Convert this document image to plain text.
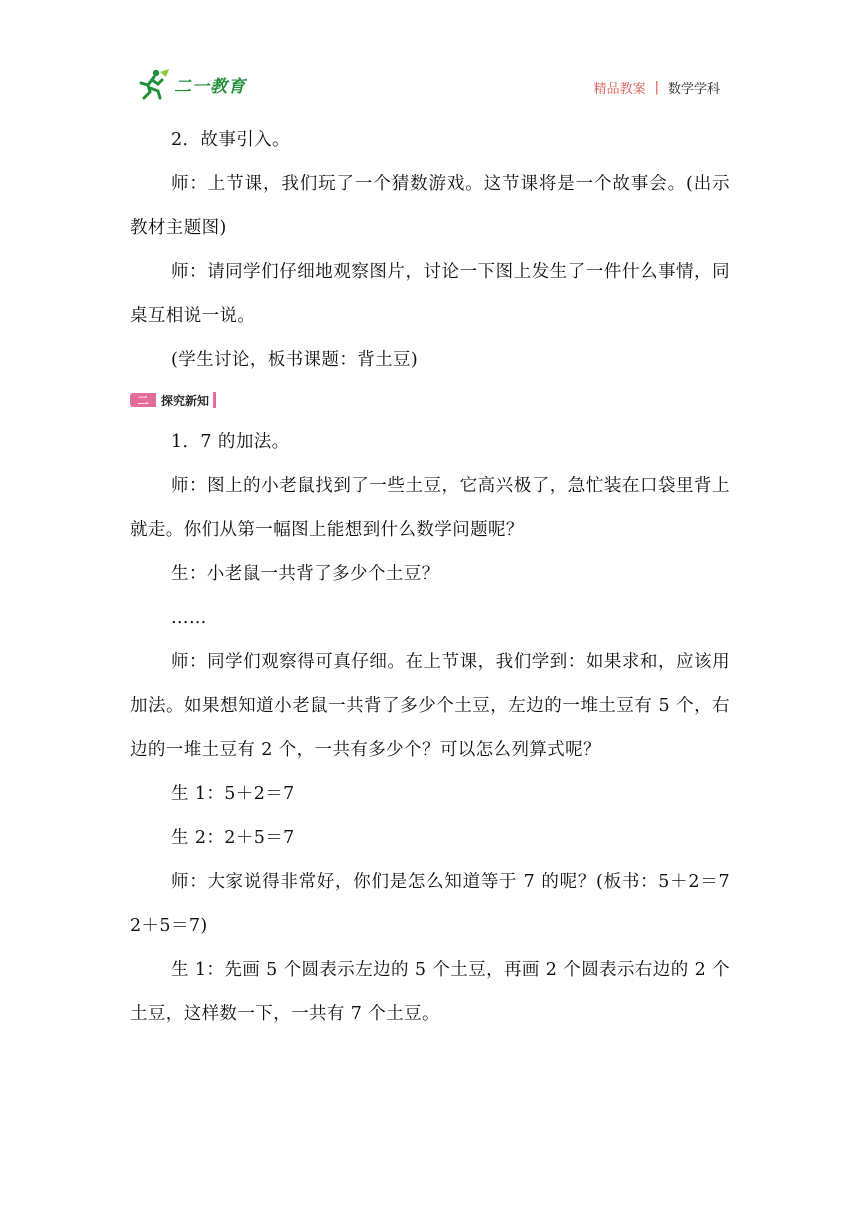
二一教育	精品教案 | 数学学科

2．故事引入。

师：上节课，我们玩了一个猜数游戏。这节课将是一个故事会。(出示教材主题图)

师：请同学们仔细地观察图片，讨论一下图上发生了一件什么事情，同桌互相说一说。

(学生讨论，板书课题：背土豆)

二	探究新知

1．7 的加法。

师：图上的小老鼠找到了一些土豆，它高兴极了，急忙装在口袋里背上就走。你们从第一幅图上能想到什么数学问题呢？

生：小老鼠一共背了多少个土豆？

……

师：同学们观察得可真仔细。在上节课，我们学到：如果求和，应该用加法。如果想知道小老鼠一共背了多少个土豆，左边的一堆土豆有 5 个，右边的一堆土豆有 2 个，一共有多少个？可以怎么列算式呢？

生 1：5＋2＝7

生 2：2＋5＝7

师：大家说得非常好，你们是怎么知道等于 7 的呢？(板书：5＋2＝7　2＋5＝7)

生 1：先画 5 个圆表示左边的 5 个土豆，再画 2 个圆表示右边的 2 个土豆，这样数一下，一共有 7 个土豆。
